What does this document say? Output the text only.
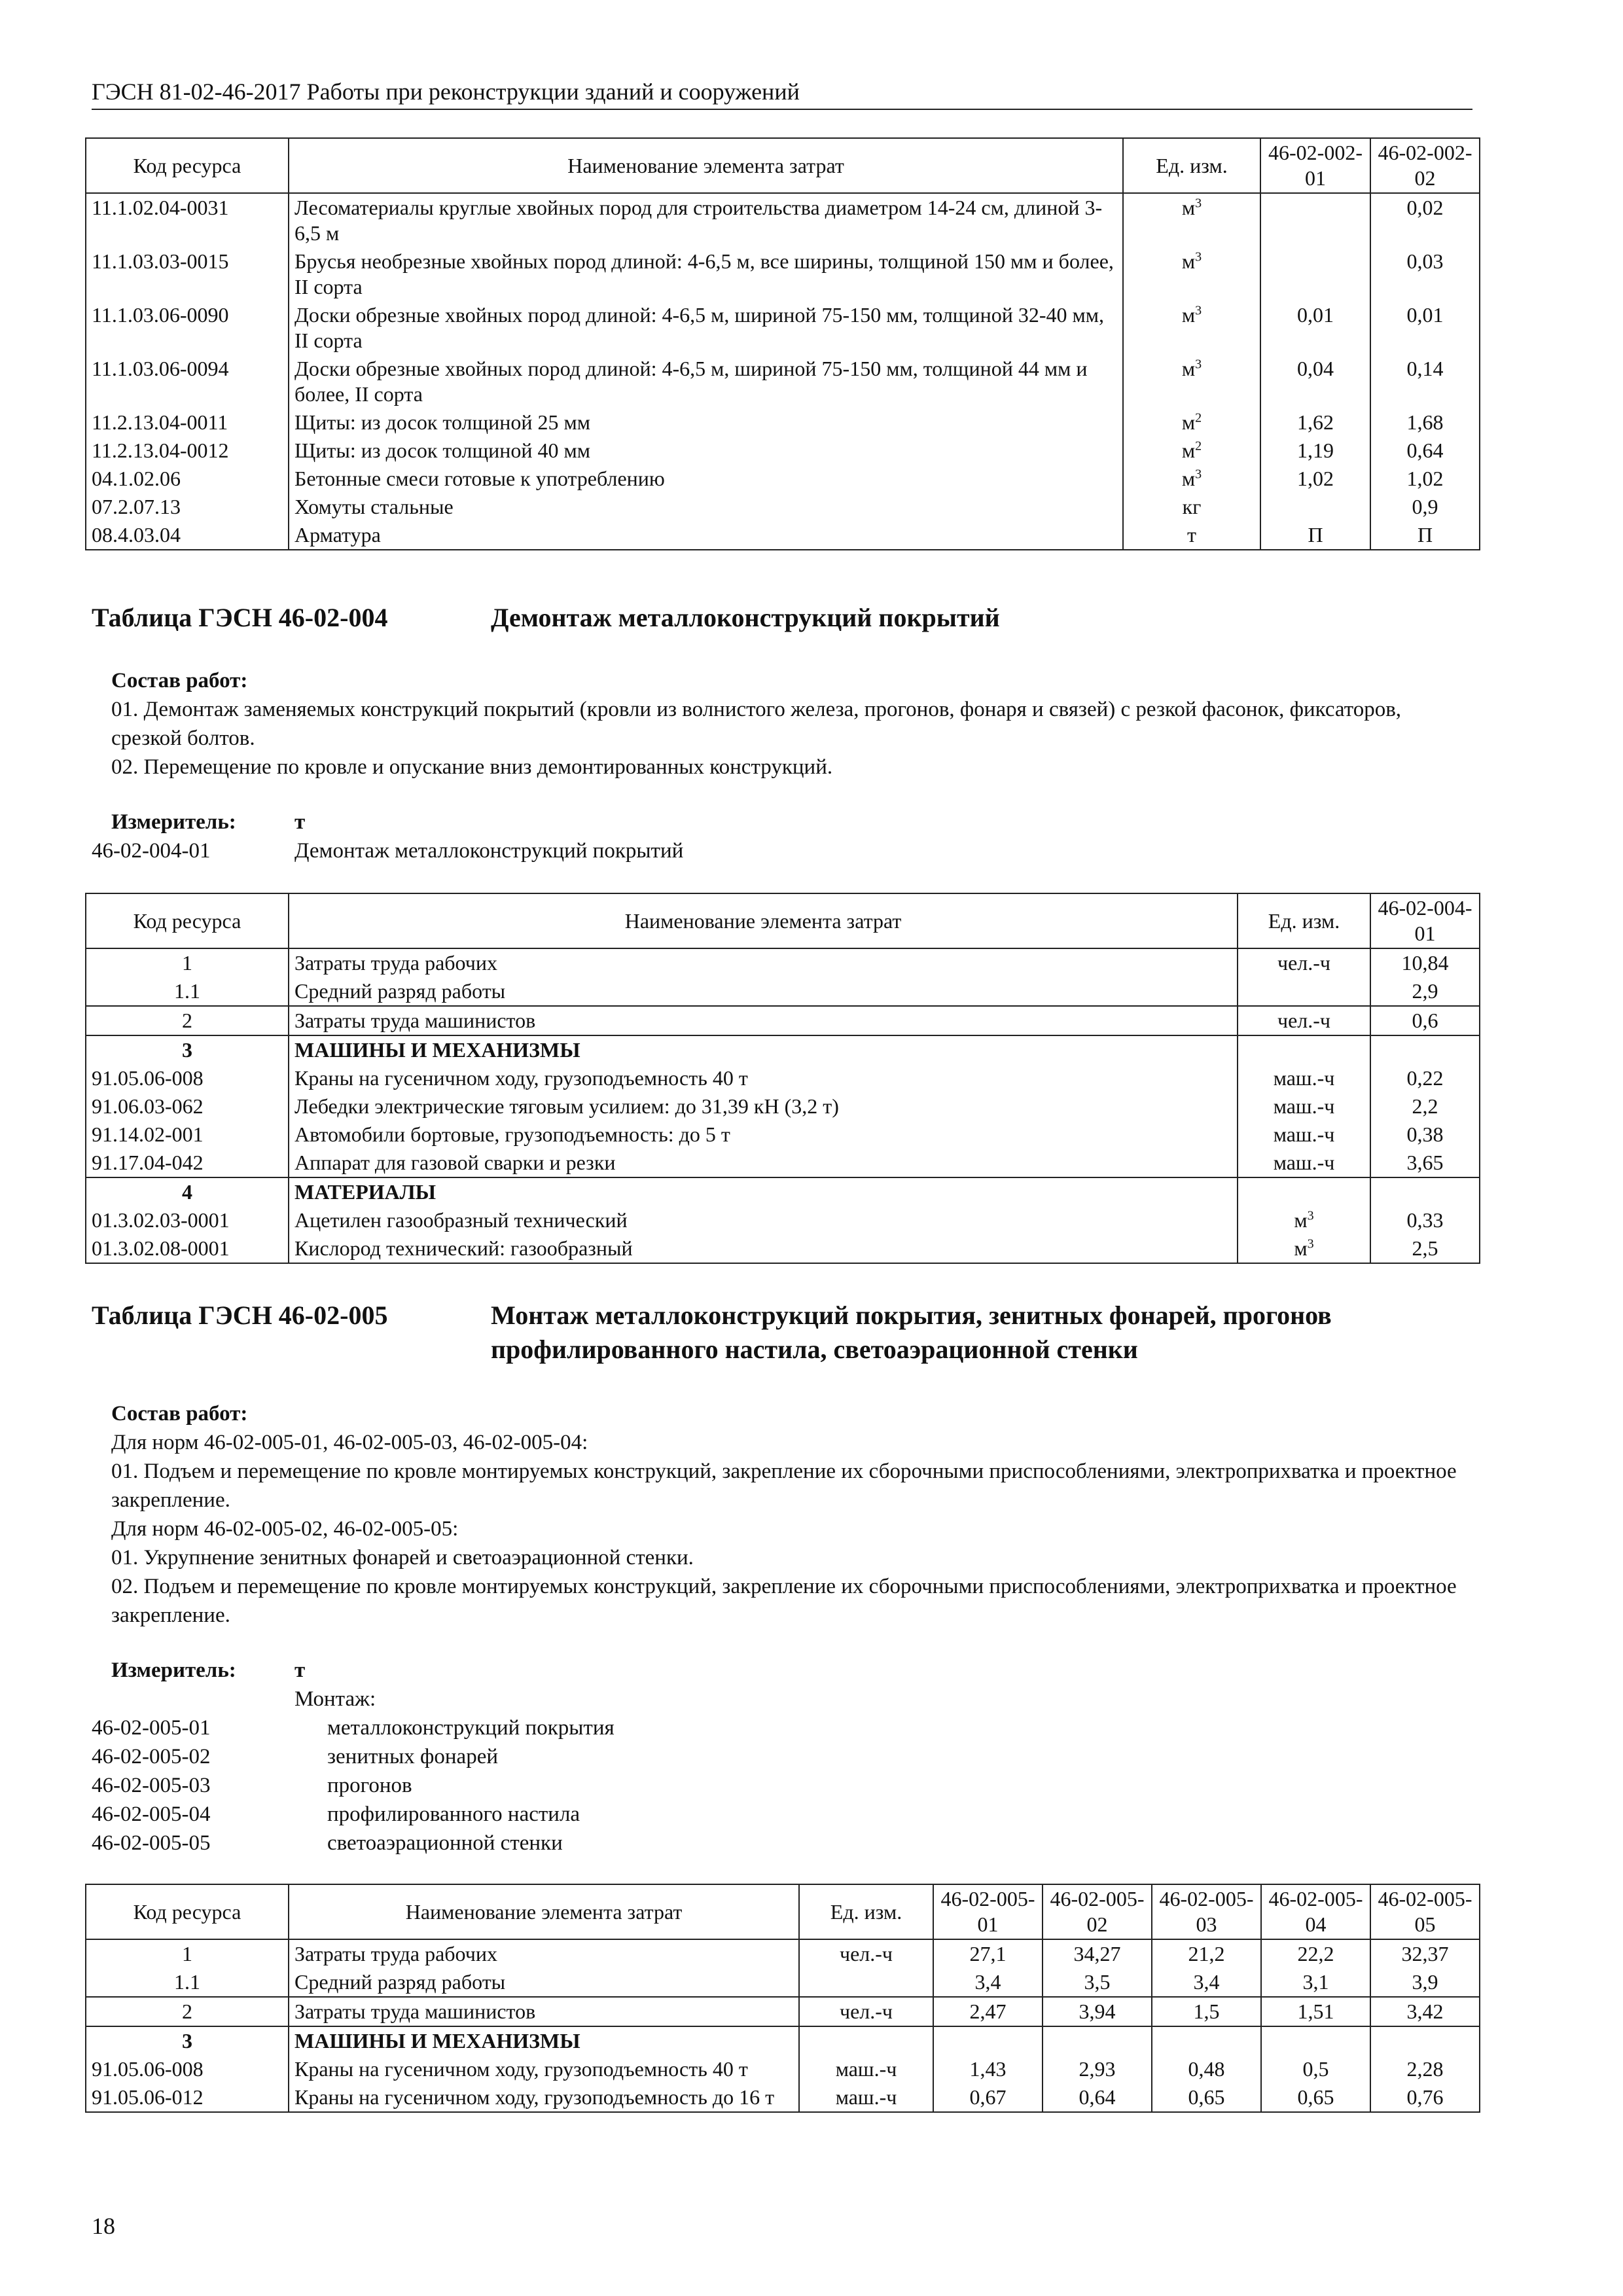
ГЭСН 81-02-46-2017 Работы при реконструкции зданий и сооружений
Код ресурса	Наименование элемента затрат	Ед. изм.	46-02-002-01	46-02-002-02
11.1.02.04-0031	Лесоматериалы круглые хвойных пород для строительства диаметром 14-24 см, длиной 3-6,5 м	$м^3$		0,02
11.1.03.03-0015	Брусья необрезные хвойных пород длиной: 4-6,5 м, все ширины, толщиной 150 мм и более, II сорта	$м^3$		0,03
11.1.03.06-0090	Доски обрезные хвойных пород длиной: 4-6,5 м, шириной 75-150 мм, толщиной 32-40 мм, II сорта	$м^3$	0,01	0,01
11.1.03.06-0094	Доски обрезные хвойных пород длиной: 4-6,5 м, шириной 75-150 мм, толщиной 44 мм и более, II сорта	$м^3$	0,04	0,14
11.2.13.04-0011	Щиты: из досок толщиной 25 мм	$м^2$	1,62	1,68
11.2.13.04-0012	Щиты: из досок толщиной 40 мм	$м^2$	1,19	0,64
04.1.02.06	Бетонные смеси готовые к употреблению	$м^3$	1,02	1,02
07.2.07.13	Хомуты стальные	кг		0,9
08.4.03.04	Арматура	т	П	П
Таблица ГЭСН 46-02-004	Демонтаж металлоконструкций покрытий
Состав работ:

01. Демонтаж заменяемых конструкций покрытий (кровли из волнистого железа, прогонов, фонаря и связей) с резкой фасонок, фиксаторов, срезкой болтов.

02. Перемещение по кровле и опускание вниз демонтированных конструкций.

Измеритель:	т
46-02-004-01	Демонтаж металлоконструкций покрытий
Код ресурса	Наименование элемента затрат	Ед. изм.	46-02-004-01
1	Затраты труда рабочих	чел.-ч	10,84
1.1	Средний разряд работы		2,9
2	Затраты труда машинистов	чел.-ч	0,6
3	МАШИНЫ И МЕХАНИЗМЫ		
91.05.06-008	Краны на гусеничном ходу, грузоподъемность 40 т	маш.-ч	0,22
91.06.03-062	Лебедки электрические тяговым усилием: до 31,39 кН (3,2 т)	маш.-ч	2,2
91.14.02-001	Автомобили бортовые, грузоподъемность: до 5 т	маш.-ч	0,38
91.17.04-042	Аппарат для газовой сварки и резки	маш.-ч	3,65
4	МАТЕРИАЛЫ		
01.3.02.03-0001	Ацетилен газообразный технический	$м^3$	0,33
01.3.02.08-0001	Кислород технический: газообразный	$м^3$	2,5
Таблица ГЭСН 46-02-005	Монтаж металлоконструкций покрытия, зенитных фонарей, прогонов профилированного настила, светоаэрационной стенки
Состав работ:

Для норм 46-02-005-01, 46-02-005-03, 46-02-005-04:

01. Подъем и перемещение по кровле монтируемых конструкций, закрепление их сборочными приспособлениями, электроприхватка и проектное закрепление.

Для норм 46-02-005-02, 46-02-005-05:

01. Укрупнение зенитных фонарей и светоаэрационной стенки.

02. Подъем и перемещение по кровле монтируемых конструкций, закрепление их сборочными приспособлениями, электроприхватка и проектное закрепление.

Измеритель:	т
Монтаж:
46-02-005-01	металлоконструкций покрытия
46-02-005-02	зенитных фонарей
46-02-005-03	прогонов
46-02-005-04	профилированного настила
46-02-005-05	светоаэрационной стенки
Код ресурса	Наименование элемента затрат	Ед. изм.	46-02-005-01	46-02-005-02	46-02-005-03	46-02-005-04	46-02-005-05
1	Затраты труда рабочих	чел.-ч	27,1	34,27	21,2	22,2	32,37
1.1	Средний разряд работы		3,4	3,5	3,4	3,1	3,9
2	Затраты труда машинистов	чел.-ч	2,47	3,94	1,5	1,51	3,42
3	МАШИНЫ И МЕХАНИЗМЫ						
91.05.06-008	Краны на гусеничном ходу, грузоподъемность 40 т	маш.-ч	1,43	2,93	0,48	0,5	2,28
91.05.06-012	Краны на гусеничном ходу, грузоподъемность до 16 т	маш.-ч	0,67	0,64	0,65	0,65	0,76
18
